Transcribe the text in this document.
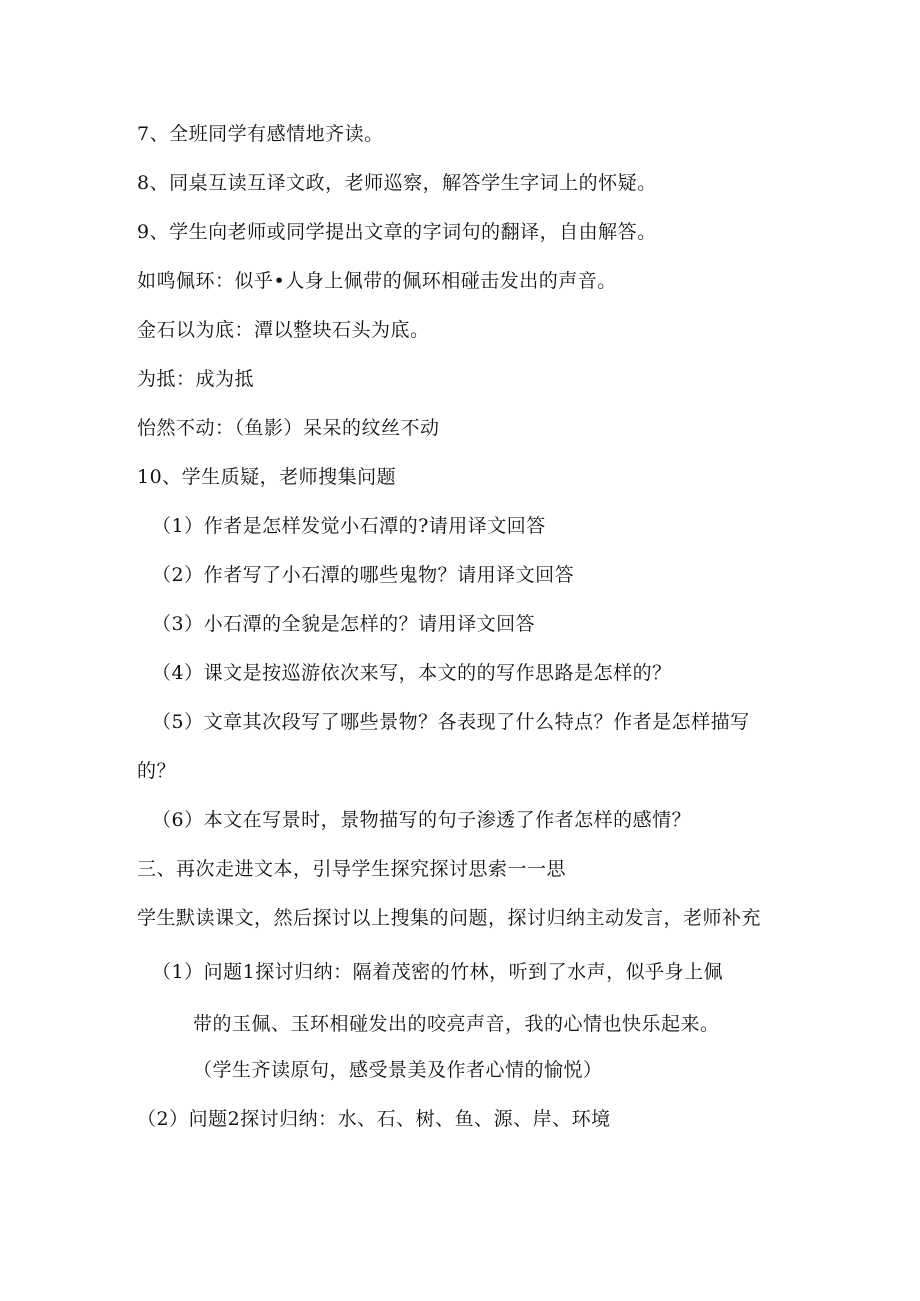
7、全班同学有感情地齐读。
8、同桌互读互译文政，老师巡察，解答学生字词上的怀疑。
9、学生向老师或同学提出文章的字词句的翻译，自由解答。
如鸣佩环：似乎•人身上佩带的佩环相碰击发出的声音。
金石以为底：潭以整块石头为底。
为抵：成为抵
怡然不动：（鱼影）呆呆的纹丝不动
10、学生质疑，老师搜集问题
（1）作者是怎样发觉小石潭的?请用译文回答
（2）作者写了小石潭的哪些鬼物？请用译文回答
（3）小石潭的全貌是怎样的？请用译文回答
（4）课文是按巡游依次来写，本文的的写作思路是怎样的？
（5）文章其次段写了哪些景物？各表现了什么特点？作者是怎样描写
的？
（6）本文在写景时，景物描写的句子渗透了作者怎样的感情？
三、再次走进文本，引导学生探究探讨思索一一思
学生默读课文，然后探讨以上搜集的问题，探讨归纳主动发言，老师补充
（1）问题1探讨归纳：隔着茂密的竹林，听到了水声，似乎身上佩
带的玉佩、玉环相碰发出的咬亮声音，我的心情也快乐起来。
（学生齐读原句，感受景美及作者心情的愉悦）
（2）问题2探讨归纳：水、石、树、鱼、源、岸、环境
